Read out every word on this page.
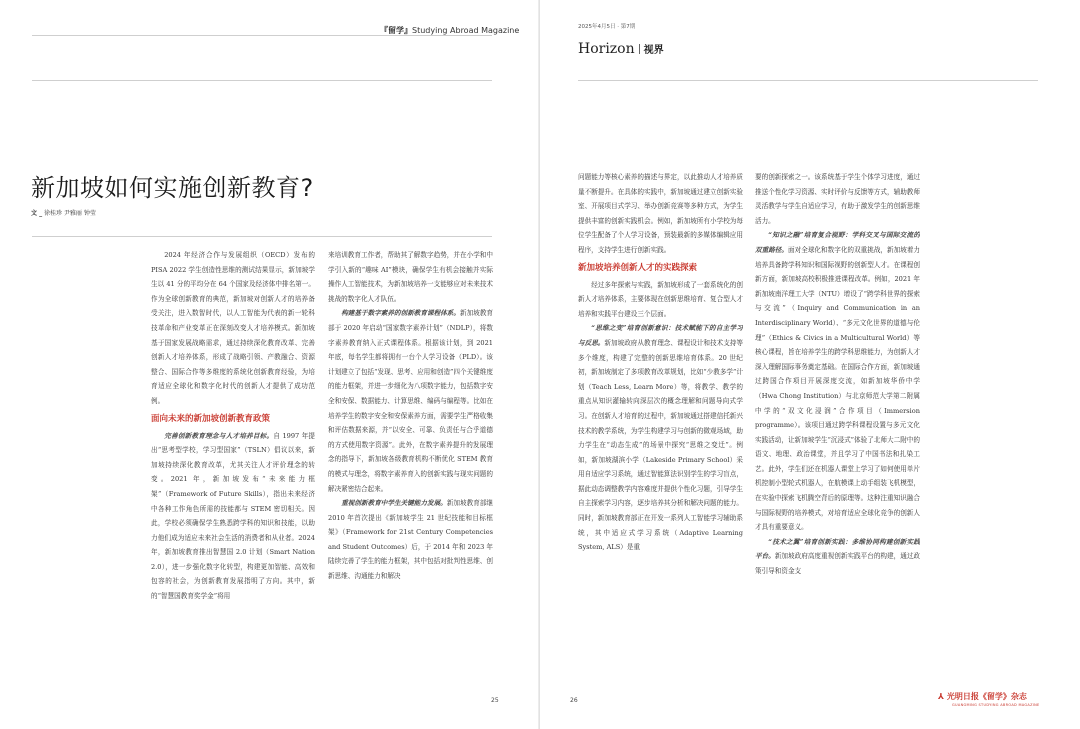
『留学』Studying Abroad Magazine
新加坡如何实施创新教育?
文 _ 徐桂珍 尹雅丽 钟莹

2024 年经济合作与发展组织（OECD）发布的 PISA 2022 学生创造性思维的测试结果显示，新加坡学生以 41 分的平均分在 64 个国家及经济体中排名第一。作为全球创新教育的典范，新加坡对创新人才的培养备受关注，进入数智时代，以人工智能为代表的新一轮科技革命和产业变革正在深刻改变人才培养模式。新加坡基于国家发展战略需求，通过持续深化教育改革、完善创新人才培养体系，形成了战略引领、产教融合、资源整合、国际合作等多维度的系统化创新教育经验，为培育适应全球化和数字化时代的创新人才提供了成功范例。

面向未来的新加坡创新教育政策

完善创新教育理念与人才培养目标。自 1997 年提出“思考型学校，学习型国家”（TSLN）倡议以来，新加坡持续深化教育改革，尤其关注人才评价理念的转变。2021 年，新加坡发布“未来能力框架”（Framework of Future Skills），指出未来经济中各种工作角色所需的技能都与 STEM 密切相关。因此，学校必须确保学生熟悉跨学科的知识和技能，以助力他们成为适应未来社会生活的消费者和从业者。2024 年，新加坡教育推出智慧国 2.0 计划（Smart Nation 2.0），进一步强化数字化转型，构建更加智能、高效和包容的社会，为创新教育发展指明了方向。其中，新的“智慧国教育奖学金”将用

来培训教育工作者，帮助其了解数字趋势，并在小学和中学引入新的“趣味 AI”模块，确保学生有机会接触并实际操作人工智能技术，为新加坡培养一支能够应对未来技术挑战的数字化人才队伍。

构建基于数字素养的创新教育课程体系。新加坡教育部于 2020 年启动“国家数字素养计划”（NDLP），将数字素养教育纳入正式课程体系。根据该计划，到 2021 年底，每名学生都将拥有一台个人学习设备（PLD）。该计划建立了包括“发现、思考、应用和创造”四个关键维度的能力框架，并进一步细化为八项数字能力，包括数字安全和安保、数据能力、计算思维、编码与编程等。比如在培养学生的数字安全和安保素养方面，需要学生严格收集和评估数据来源，并“以安全、可靠、负责任与合乎道德的方式使用数字资源”。此外，在数字素养提升的发展理念的指导下，新加坡各级教育机构不断优化 STEM 教育的模式与理念，将数字素养育入的创新实践与现实问题的解决紧密结合起来。

重视创新教育中学生关键能力发展。新加坡教育部继 2010 年首次提出《新加坡学生 21 世纪技能和目标框架》（Framework for 21st Century Competencies and Student Outcomes）后，于 2014 年和 2023 年陆续完善了学生的能力框架，其中包括对批判性思维、创新思维、沟通能力和解决

25
2025年4月5日 · 第7期
Horizon 视界

问题能力等核心素养的描述与界定，以此推动人才培养质量不断提升。在具体的实践中，新加坡通过建立创新实验室、开展项目式学习、举办创新竞赛等多种方式，为学生提供丰富的创新实践机会。例如，新加坡所有小学校为每位学生配备了个人学习设备，预装最新的多媒体编辑应用程序，支持学生进行创新实践。

新加坡培养创新人才的实践探索

经过多年探索与实践，新加坡形成了一套系统化的创新人才培养体系，主要体现在创新思维培育、复合型人才培养和实践平台建设三个层面。

“思维之变”培育创新意识：技术赋能下的自主学习与反思。新加坡政府从教育理念、课程设计和技术支持等多个维度，构建了完整的创新思维培育体系。20 世纪初，新加坡制定了多项教育改革规划，比如“少教多学”计划（Teach Less, Learn More）等，将教学、教学的重点从知识灌输转向深层次的概念理解和问题导向式学习。在创新人才培育的过程中，新加坡通过搭建信托新兴技术的教学系统，为学生构建学习与创新的微观场域，助力学生在“动态生成”的场景中探究“思维之变迁”。例如，新加坡湖滨小学（Lakeside Primary School）采用自适应学习系统，通过智能算法识别学生的学习盲点，据此动态调整教学内容难度并提供个性化习题，引导学生自主探索学习内容，逐步培养其分析和解决问题的能力。同时，新加坡教育部正在开发一系列人工智能学习辅助系统，其中适应式学习系统（Adaptive Learning System, ALS）是重

要的创新探索之一。该系统基于学生个体学习进度，通过推送个性化学习资源、实时评价与反馈等方式，辅助教师灵活教学与学生自适应学习，有助于激发学生的创新思维活力。

“知识之融”培育复合视野：学科交叉与国际交流的双重路径。面对全球化和数字化的双重挑战，新加坡着力培养具备跨学科知识和国际视野的创新型人才。在课程创新方面，新加坡高校积极推进课程改革。例如，2021 年新加坡南洋理工大学（NTU）增设了“跨学科世界的探索与交流”（Inquiry and Communication in an Interdisciplinary World）、“多元文化世界的道德与伦理”（Ethics & Civics in a Multicultural World）等核心课程，旨在培养学生的跨学科思维能力，为创新人才深入理解国际事务奠定基础。在国际合作方面，新加坡通过跨国合作项目开展深度交流，如新加坡华侨中学（Hwa Chong Institution）与北京师范大学第二附属中学的“双文化浸润”合作项目（Immersion programme）。该项目通过跨学科课程设置与多元文化实践活动，让新加坡学生“沉浸式”体验了北师大二附中的语文、地理、政治课堂，并且学习了中国书法和扎染工艺。此外，学生们还在机器人课堂上学习了如何使用单片机控制小型轮式机器人，在航模课上动手组装飞机模型，在实验中探索飞机腾空背后的原理等。这种注重知识融合与国际视野的培养模式，对培育适应全球化竞争的创新人才具有重要意义。

“技术之翼”培育创新实践：多维协同构建创新实践平台。新加坡政府高度重视创新实践平台的构建，通过政策引导和资金支

26	⅄ 光明日报《留学》杂志
GUANGMING STUDYING ABROAD MAGAZINE
